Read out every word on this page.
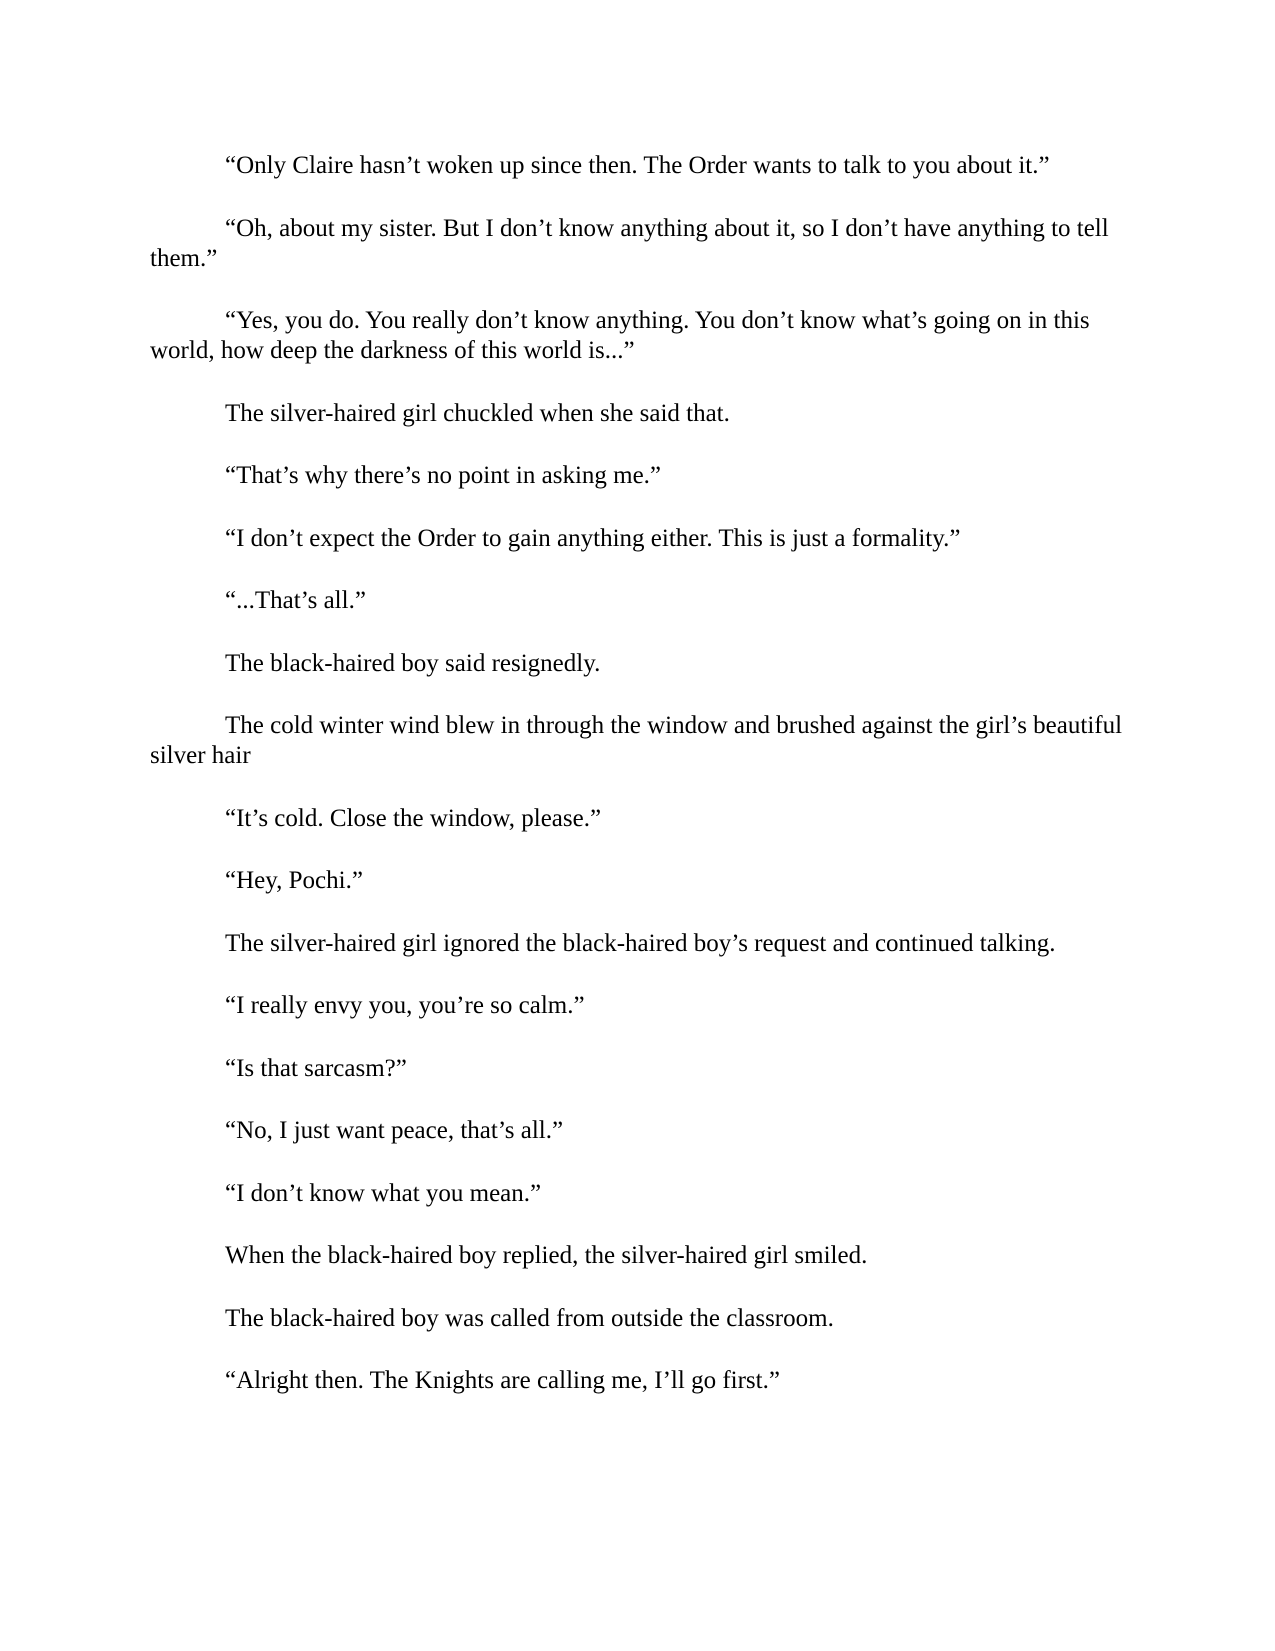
“Only Claire hasn’t woken up since then. The Order wants to talk to you about it.”

“Oh, about my sister. But I don’t know anything about it, so I don’t have anything to tell them.”

“Yes, you do. You really don’t know anything. You don’t know what’s going on in this world, how deep the darkness of this world is...”

The silver-haired girl chuckled when she said that.

“That’s why there’s no point in asking me.”

“I don’t expect the Order to gain anything either. This is just a formality.”

“...That’s all.”

The black-haired boy said resignedly.

The cold winter wind blew in through the window and brushed against the girl’s beautiful silver hair

“It’s cold. Close the window, please.”

“Hey, Pochi.”

The silver-haired girl ignored the black-haired boy’s request and continued talking.

“I really envy you, you’re so calm.”

“Is that sarcasm?”

“No, I just want peace, that’s all.”

“I don’t know what you mean.”

When the black-haired boy replied, the silver-haired girl smiled.

The black-haired boy was called from outside the classroom.

“Alright then. The Knights are calling me, I’ll go first.”
